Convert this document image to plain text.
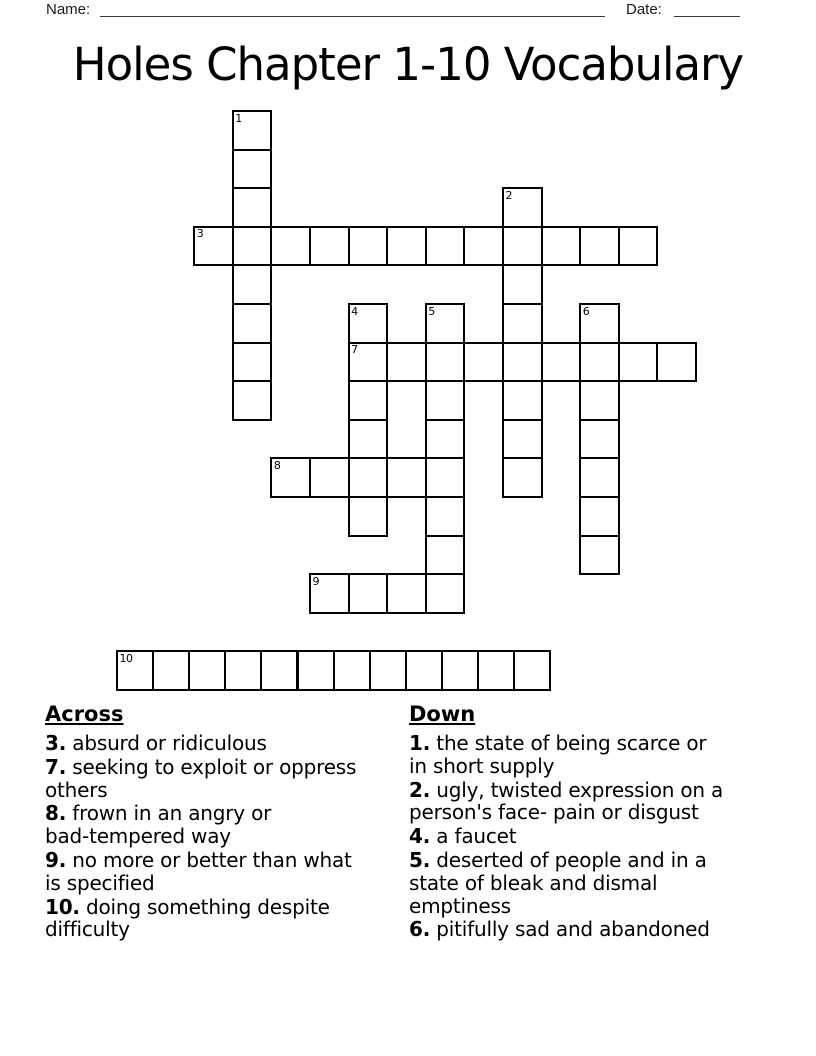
Name:	Date:
Holes Chapter 1-10 Vocabulary
1
2
3
4	5	6
7
8
9
10
Across

3. absurd or ridiculous

7. seeking to exploit or oppress
others

8. frown in an angry or
bad-tempered way

9. no more or better than what
is specified

10. doing something despite
difficulty

Down

1. the state of being scarce or
in short supply

2. ugly, twisted expression on a
person's face- pain or disgust

4. a faucet

5. deserted of people and in a
state of bleak and dismal
emptiness

6. pitifully sad and abandoned
